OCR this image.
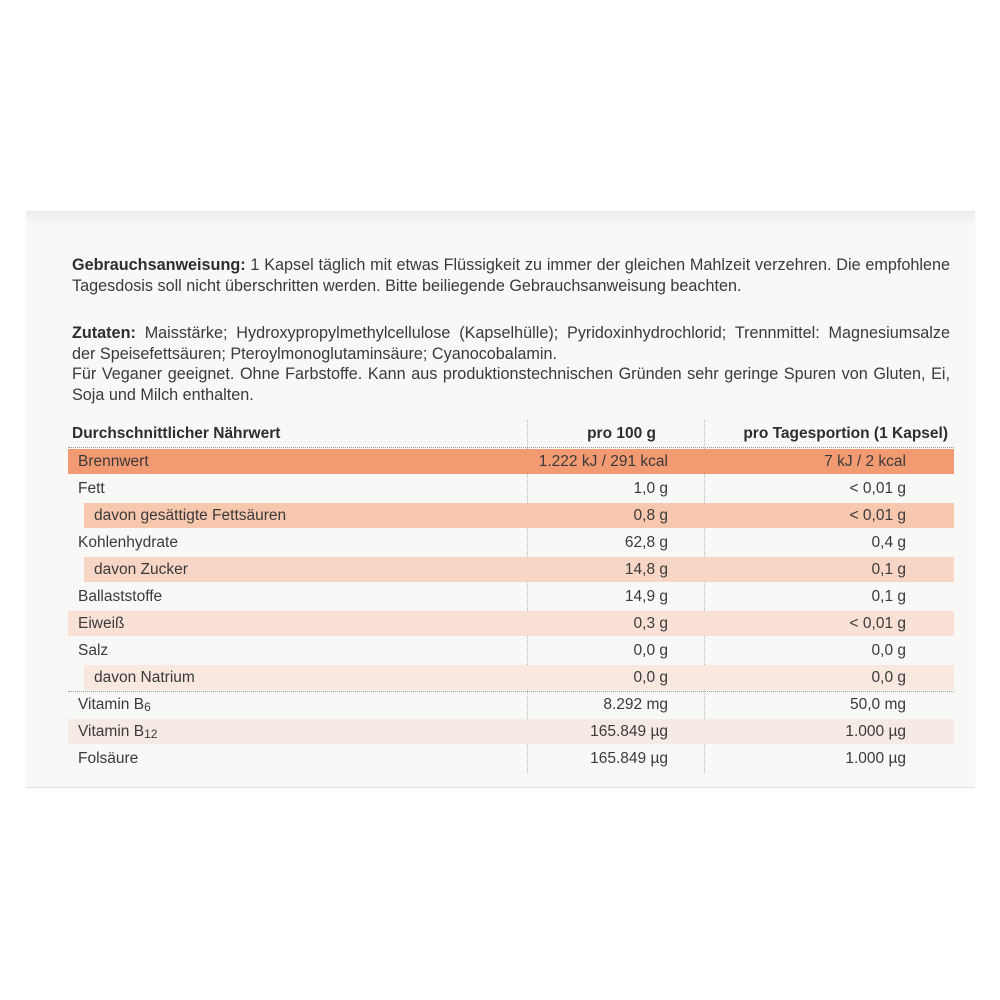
Gebrauchsanweisung: 1 Kapsel täglich mit etwas Flüssigkeit zu immer der gleichen Mahlzeit verzehren. Die empfohlene Tagesdosis soll nicht überschritten werden. Bitte beiliegende Gebrauchsanweisung beachten.
Zutaten: Maisstärke; Hydroxypropylmethylcellulose (Kapselhülle); Pyridoxinhydrochlorid; Trennmittel: Magnesiumsalze der Speisefettsäuren; Pteroylmonoglutaminsäure; Cyanocobalamin.
Für Veganer geeignet. Ohne Farbstoffe. Kann aus produktionstechnischen Gründen sehr geringe Spuren von Gluten, Ei, Soja und Milch enthalten.
Durchschnittlicher Nährwert	pro 100 g	pro Tagesportion (1 Kapsel)
Brennwert	1.222 kJ / 291 kcal	7 kJ / 2 kcal
Fett	1,0 g	< 0,01 g
davon gesättigte Fettsäuren	0,8 g	< 0,01 g
Kohlenhydrate	62,8 g	0,4 g
davon Zucker	14,8 g	0,1 g
Ballaststoffe	14,9 g	0,1 g
Eiweiß	0,3 g	< 0,01 g
Salz	0,0 g	0,0 g
davon Natrium	0,0 g	0,0 g
Vitamin $B_6$	8.292 mg	50,0 mg
Vitamin $B_{12}$	165.849 µg	1.000 µg
Folsäure	165.849 µg	1.000 µg
